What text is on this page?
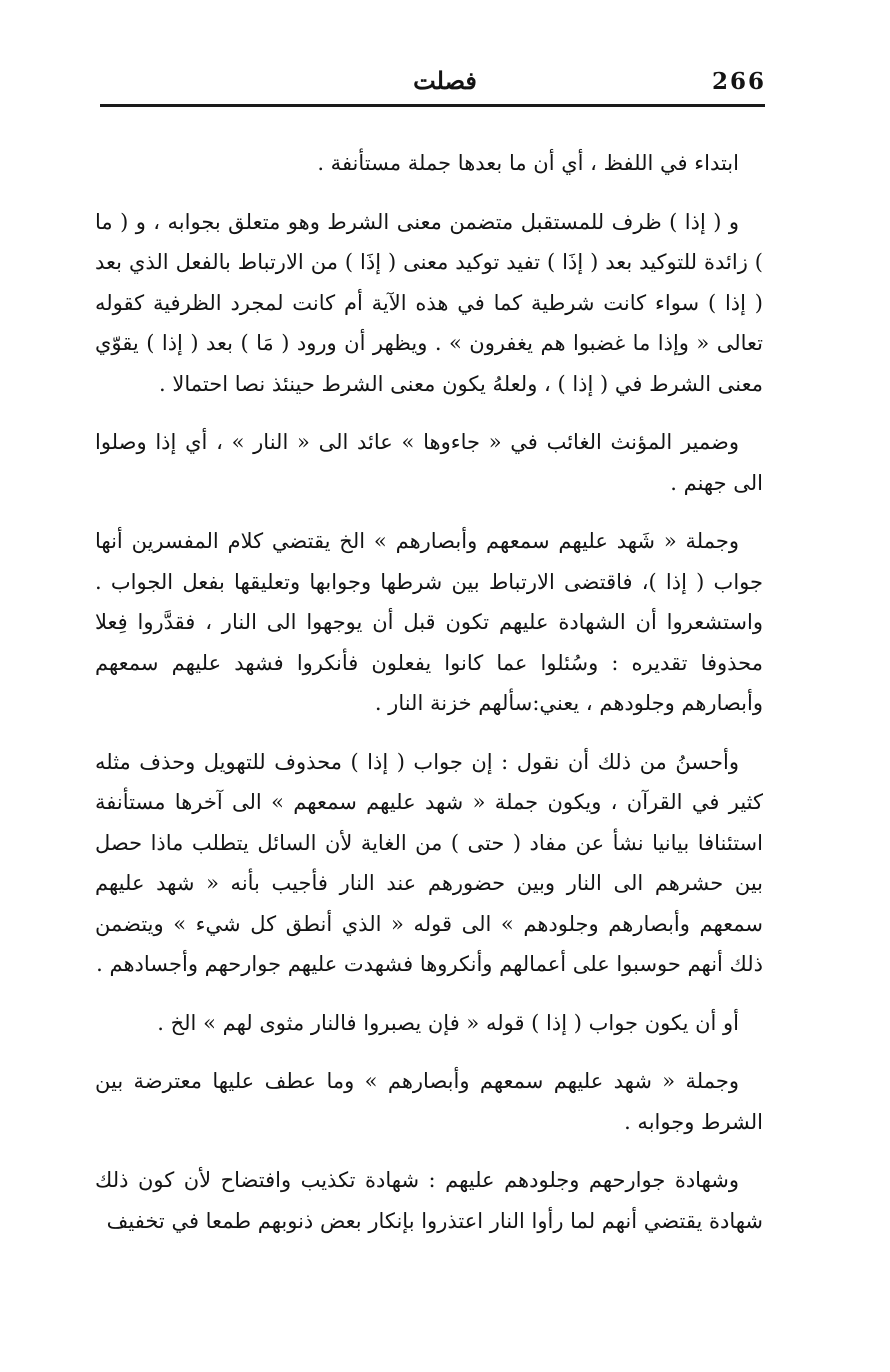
266
فصلت

ابتداء في اللفظ ، أي أن ما بعدها جملة مستأنفة .

و ( إذا ) ظرف للمستقبل متضمن معنى الشرط وهو متعلق بجوابه ، و ( ما ) زائدة للتوكيد بعد ( إذَا ) تفيد توكيد معنى ( إذَا ) من الارتباط بالفعل الذي بعد ( إذا ) سواء كانت شرطية كما في هذه الآية أم كانت لمجرد الظرفية كقوله تعالى « وإذا ما غضبوا هم يغفرون » . ويظهر أن ورود ( مَا ) بعد ( إذا ) يقوّي معنى الشرط في ( إذا ) ، ولعلهُ يكون معنى الشرط حينئذ نصا احتمالا .

وضمير المؤنث الغائب في « جاءوها » عائد الى « النار » ، أي إذا وصلوا الى جهنم .

وجملة « شَهد عليهم سمعهم وأبصارهم » الخ يقتضي كلام المفسرين أنها جواب ( إذا )، فاقتضى الارتباط بين شرطها وجوابها وتعليقها بفعل الجواب . واستشعروا أن الشهادة عليهم تكون قبل أن يوجهوا الى النار ، فقدَّروا فِعلا محذوفا تقديره : وسُئلوا عما كانوا يفعلون فأنكروا فشهد عليهم سمعهم وأبصارهم وجلودهم ، يعني:سألهم خزنة النار .

وأحسنُ من ذلك أن نقول : إن جواب ( إذا ) محذوف للتهويل وحذف مثله كثير في القرآن ، ويكون جملة « شهد عليهم سمعهم » الى آخرها مستأنفة استئنافا بيانيا نشأ عن مفاد ( حتى ) من الغاية لأن السائل يتطلب ماذا حصل بين حشرهم الى النار وبين حضورهم عند النار فأجيب بأنه « شهد عليهم سمعهم وأبصارهم وجلودهم » الى قوله « الذي أنطق كل شيء » ويتضمن ذلك أنهم حوسبوا على أعمالهم وأنكروها فشهدت عليهم جوارحهم وأجسادهم .

أو أن يكون جواب ( إذا ) قوله « فإن يصبروا فالنار مثوى لهم » الخ .

وجملة « شهد عليهم سمعهم وأبصارهم » وما عطف عليها معترضة بين الشرط وجوابه .

وشهادة جوارحهم وجلودهم عليهم : شهادة تكذيب وافتضاح لأن كون ذلك شهادة يقتضي أنهم لما رأوا النار اعتذروا بإنكار بعض ذنوبهم طمعا في تخفيف
